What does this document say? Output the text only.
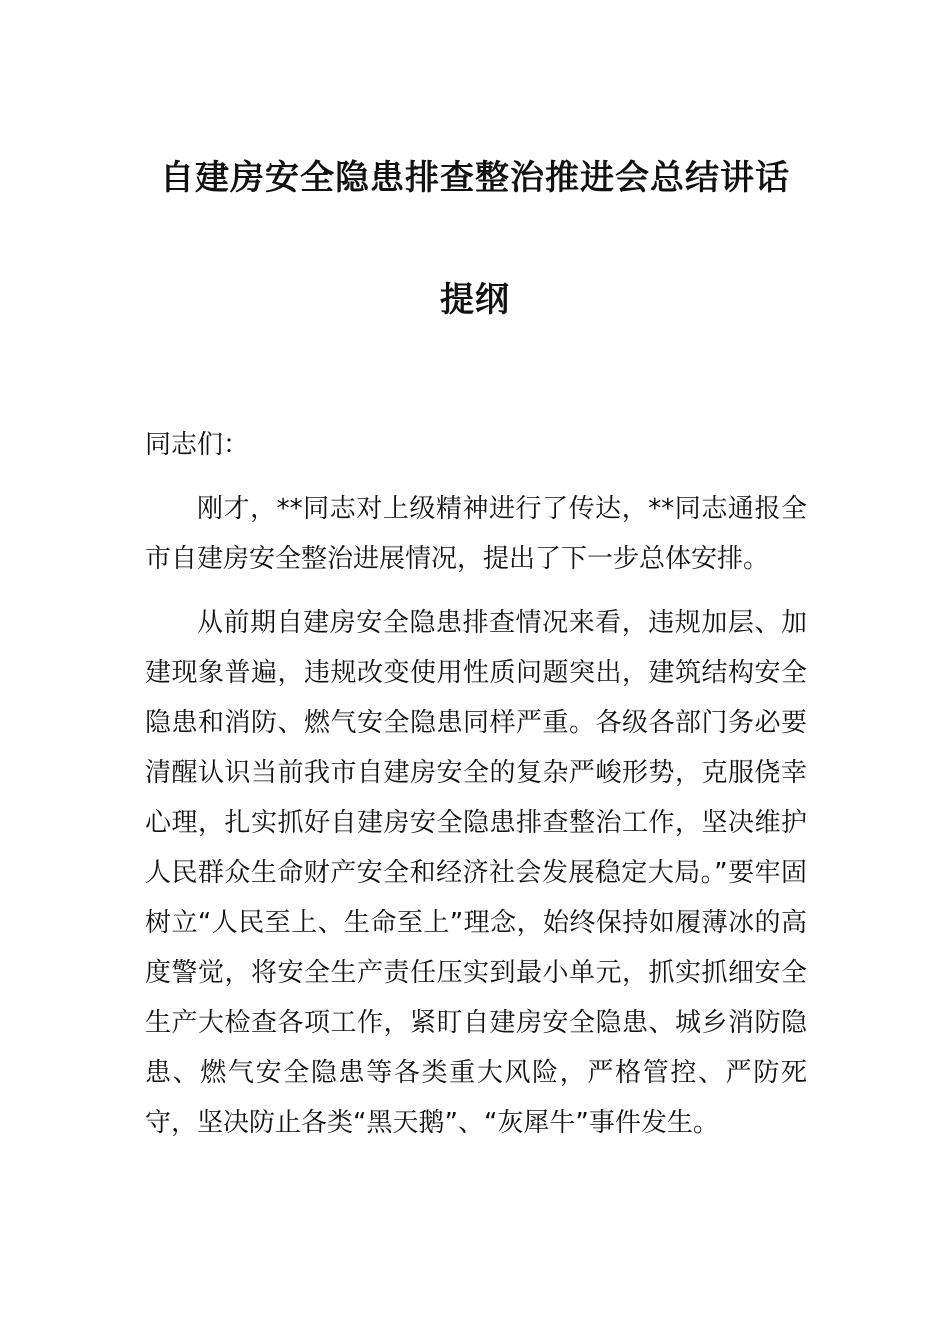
自建房安全隐患排查整治推进会总结讲话
提纲

同志们：

刚才，**同志对上级精神进行了传达，**同志通报全市自建房安全整治进展情况，提出了下一步总体安排。

从前期自建房安全隐患排查情况来看，违规加层、加建现象普遍，违规改变使用性质问题突出，建筑结构安全隐患和消防、燃气安全隐患同样严重。各级各部门务必要清醒认识当前我市自建房安全的复杂严峻形势，克服侥幸心理，扎实抓好自建房安全隐患排查整治工作，坚决维护人民群众生命财产安全和经济社会发展稳定大局。”要牢固树立“人民至上、生命至上”理念，始终保持如履薄冰的高度警觉，将安全生产责任压实到最小单元，抓实抓细安全生产大检查各项工作，紧盯自建房安全隐患、城乡消防隐患、燃气安全隐患等各类重大风险，严格管控、严防死守，坚决防止各类“黑天鹅”、“灰犀牛”事件发生。
